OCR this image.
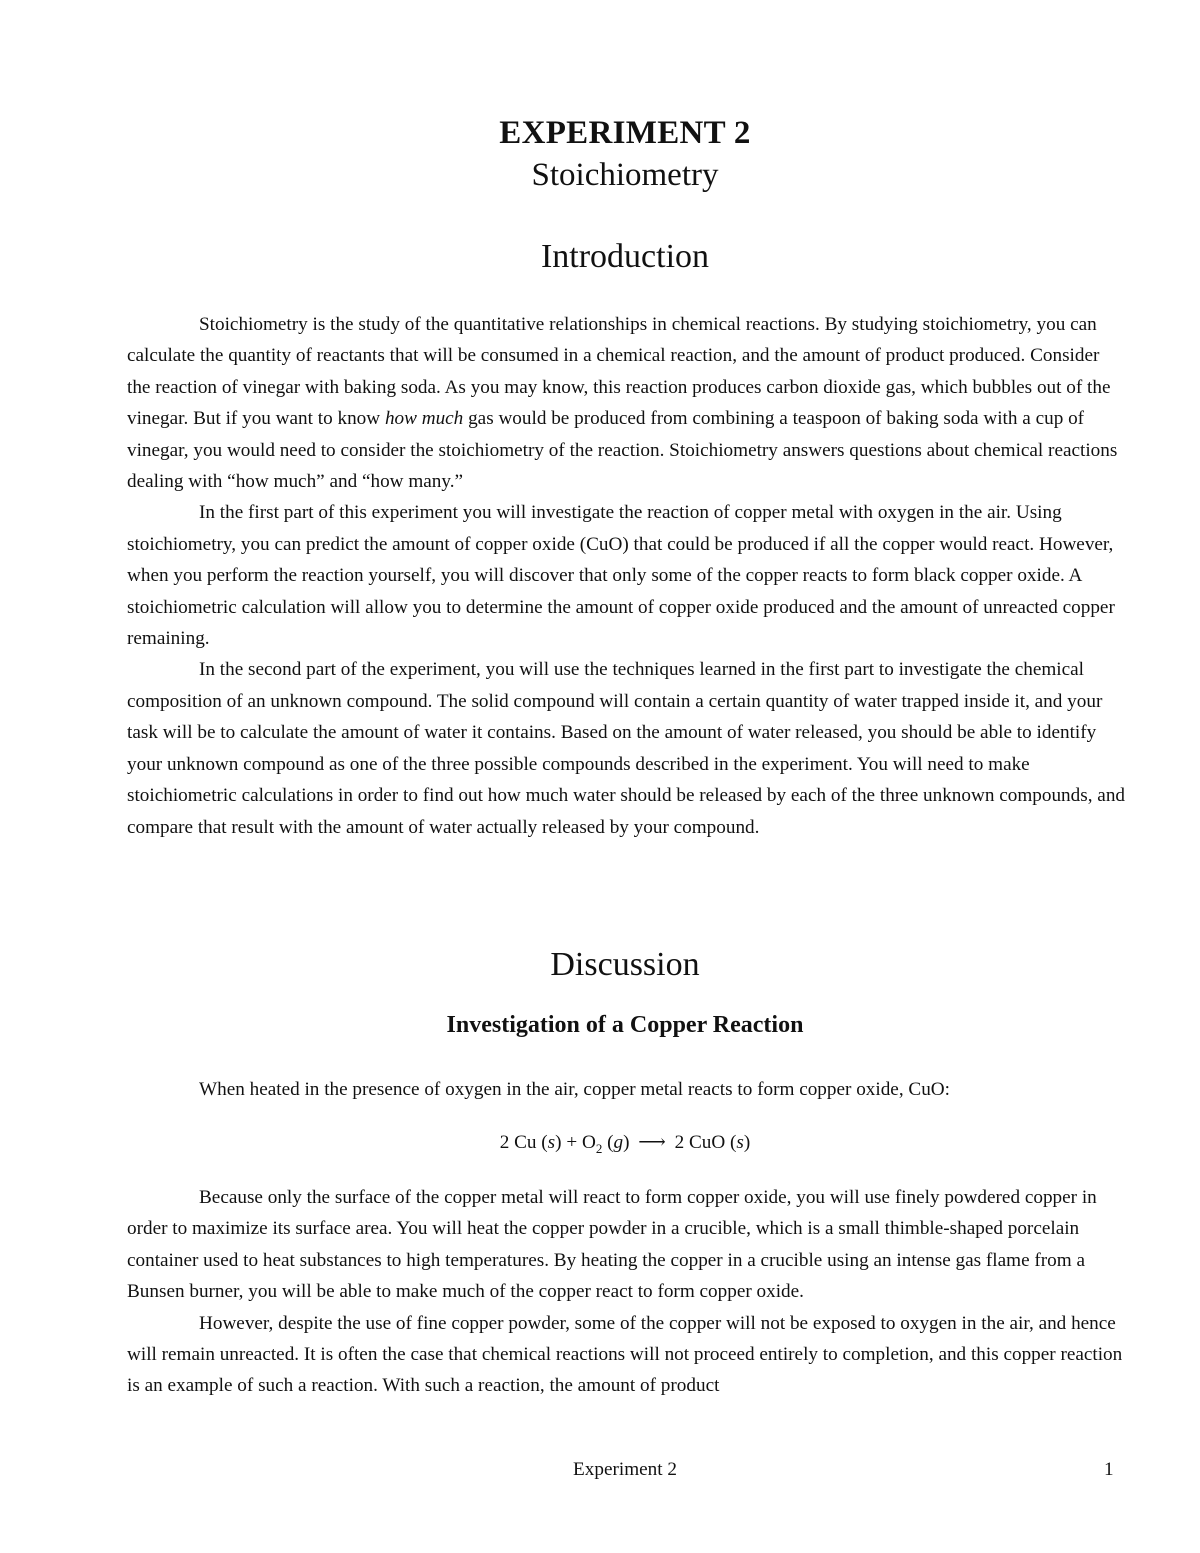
EXPERIMENT 2
Stoichiometry
Introduction

Stoichiometry is the study of the quantitative relationships in chemical reactions. By studying stoichiometry, you can calculate the quantity of reactants that will be consumed in a chemical reaction, and the amount of product produced. Consider the reaction of vinegar with baking soda. As you may know, this reaction produces carbon dioxide gas, which bubbles out of the vinegar. But if you want to know how much gas would be produced from combining a teaspoon of baking soda with a cup of vinegar, you would need to consider the stoichiometry of the reaction. Stoichiometry answers questions about chemical reactions dealing with “how much” and “how many.”

In the first part of this experiment you will investigate the reaction of copper metal with oxygen in the air. Using stoichiometry, you can predict the amount of copper oxide (CuO) that could be produced if all the copper would react. However, when you perform the reaction yourself, you will discover that only some of the copper reacts to form black copper oxide. A stoichiometric calculation will allow you to determine the amount of copper oxide produced and the amount of unreacted copper remaining.

In the second part of the experiment, you will use the techniques learned in the first part to investigate the chemical composition of an unknown compound. The solid compound will contain a certain quantity of water trapped inside it, and your task will be to calculate the amount of water it contains. Based on the amount of water released, you should be able to identify your unknown compound as one of the three possible compounds described in the experiment. You will need to make stoichiometric calculations in order to find out how much water should be released by each of the three unknown compounds, and compare that result with the amount of water actually released by your compound.

Discussion
Investigation of a Copper Reaction
When heated in the presence of oxygen in the air, copper metal reacts to form copper oxide, CuO:
2 Cu $(s) + O_2$ (g) ⟶ 2 CuO (s)

Because only the surface of the copper metal will react to form copper oxide, you will use finely powdered copper in order to maximize its surface area. You will heat the copper powder in a crucible, which is a small thimble-shaped porcelain container used to heat substances to high temperatures. By heating the copper in a crucible using an intense gas flame from a Bunsen burner, you will be able to make much of the copper react to form copper oxide.

However, despite the use of fine copper powder, some of the copper will not be exposed to oxygen in the air, and hence will remain unreacted. It is often the case that chemical reactions will not proceed entirely to completion, and this copper reaction is an example of such a reaction. With such a reaction, the amount of product

Experiment 2	1
